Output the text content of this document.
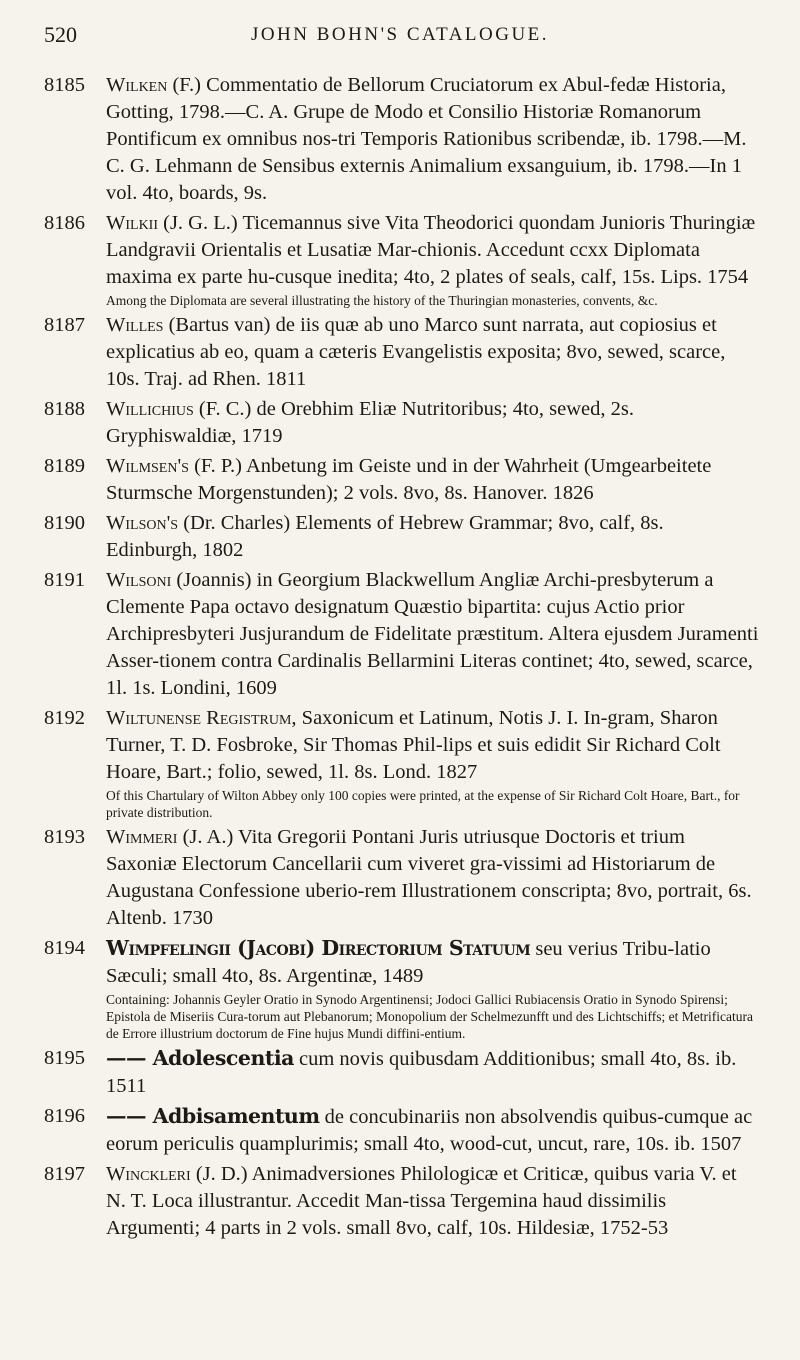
520	JOHN BOHN'S CATALOGUE.
8185 Wilken (F.) Commentatio de Bellorum Cruciatorum ex Abul-fedæ Historia, Gotting, 1798.—C. A. Grupe de Modo et Consilio Historiæ Romanorum Pontificum ex omnibus nos-tri Temporis Rationibus scribendæ, ib. 1798.—M. C. G. Lehmann de Sensibus externis Animalium exsanguium, ib. 1798.—In 1 vol. 4to, boards, 9s.
8186 Wilkii (J. G. L.) Ticemannus sive Vita Theodorici quondam Junioris Thuringiæ Landgravii Orientalis et Lusatiæ Mar-chionis. Accedunt ccxx Diplomata maxima ex parte hu-cusque inedita; 4to, 2 plates of seals, calf, 15s. Lips. 1754
Among the Diplomata are several illustrating the history of the Thuringian monasteries, convents, &c.
8187 Willes (Bartus van) de iis quæ ab uno Marco sunt narrata, aut copiosius et explicatius ab eo, quam a cæteris Evangelistis exposita; 8vo, sewed, scarce, 10s. Traj. ad Rhen. 1811
8188 Willichius (F. C.) de Orebhim Eliæ Nutritoribus; 4to, sewed, 2s. Gryphiswaldiæ, 1719
8189 Wilmsen's (F. P.) Anbetung im Geiste und in der Wahrheit (Umgearbeitete Sturmsche Morgenstunden); 2 vols. 8vo, 8s. Hanover. 1826
8190 Wilson's (Dr. Charles) Elements of Hebrew Grammar; 8vo, calf, 8s. Edinburgh, 1802
8191 Wilsoni (Joannis) in Georgium Blackwellum Angliæ Archi-presbyterum a Clemente Papa octavo designatum Quæstio bipartita: cujus Actio prior Archipresbyteri Jusjurandum de Fidelitate præstitum. Altera ejusdem Juramenti Asser-tionem contra Cardinalis Bellarmini Literas continet; 4to, sewed, scarce, 1l. 1s. Londini, 1609
8192 Wiltunense Registrum, Saxonicum et Latinum, Notis J. I. In-gram, Sharon Turner, T. D. Fosbroke, Sir Thomas Phil-lips et suis edidit Sir Richard Colt Hoare, Bart.; folio, sewed, 1l. 8s. Lond. 1827
Of this Chartulary of Wilton Abbey only 100 copies were printed, at the expense of Sir Richard Colt Hoare, Bart., for private distribution.
8193 Wimmeri (J. A.) Vita Gregorii Pontani Juris utriusque Doctoris et trium Saxoniæ Electorum Cancellarii cum viveret gra-vissimi ad Historiarum de Augustana Confessione uberio-rem Illustrationem conscripta; 8vo, portrait, 6s. Altenb. 1730
8194 Wimpfelingii (Jacobi) Directorium Statuum seu verius Tribu-latio Sæculi; small 4to, 8s. Argentinæ, 1489
Containing: Johannis Geyler Oratio in Synodo Argentinensi; Jodoci Gallici Rubiacensis Oratio in Synodo Spirensi; Epistola de Miseriis Cura-torum aut Plebanorum; Monopolium der Schelmezunfft und des Lichtschiffs; et Metrificatura de Errore illustrium doctorum de Fine hujus Mundi diffini-entium.
8195 —— Adolescentia cum novis quibusdam Additionibus; small 4to, 8s. ib. 1511
8196 —— Adbisamentum de concubinariis non absolvendis quibus-cumque ac eorum periculis quamplurimis; small 4to, wood-cut, uncut, rare, 10s. ib. 1507
8197 Winckleri (J. D.) Animadversiones Philologicæ et Criticæ, quibus varia V. et N. T. Loca illustrantur. Accedit Man-tissa Tergemina haud dissimilis Argumenti; 4 parts in 2 vols. small 8vo, calf, 10s. Hildesiæ, 1752-53
